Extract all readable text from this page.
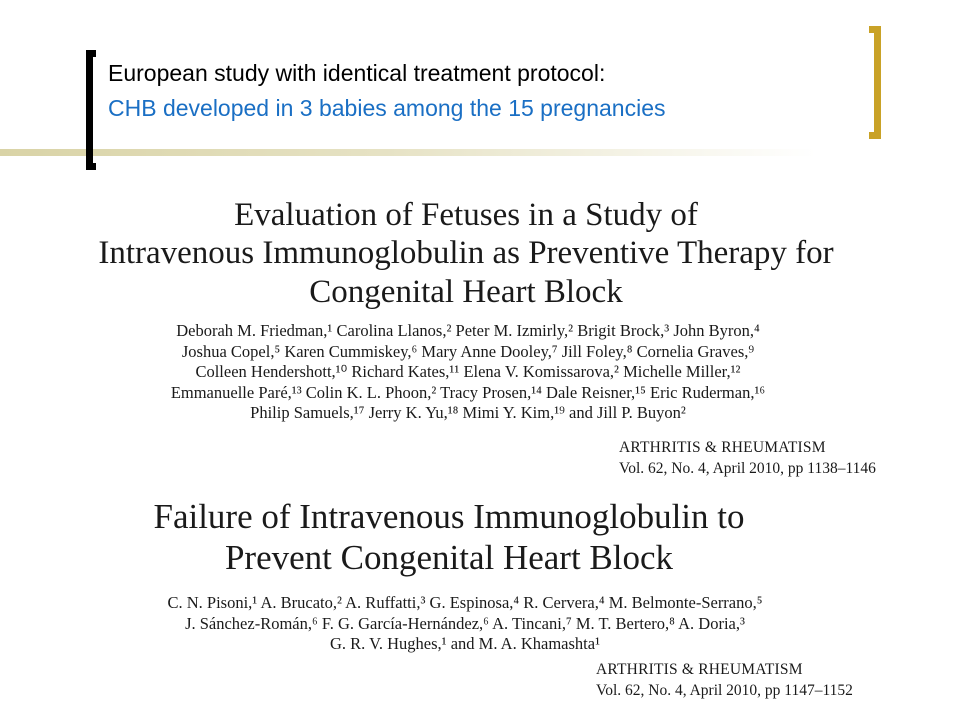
European study with identical treatment protocol:
CHB developed in 3 babies among the 15 pregnancies
Evaluation of Fetuses in a Study of
Intravenous Immunoglobulin as Preventive Therapy for
Congenital Heart Block
Deborah M. Friedman,¹ Carolina Llanos,² Peter M. Izmirly,² Brigit Brock,³ John Byron,⁴
Joshua Copel,⁵ Karen Cummiskey,⁶ Mary Anne Dooley,⁷ Jill Foley,⁸ Cornelia Graves,⁹
Colleen Hendershott,¹⁰ Richard Kates,¹¹ Elena V. Komissarova,² Michelle Miller,¹²
Emmanuelle Paré,¹³ Colin K. L. Phoon,² Tracy Prosen,¹⁴ Dale Reisner,¹⁵ Eric Ruderman,¹⁶
Philip Samuels,¹⁷ Jerry K. Yu,¹⁸ Mimi Y. Kim,¹⁹ and Jill P. Buyon²
ARTHRITIS & RHEUMATISM
Vol. 62, No. 4, April 2010, pp 1138–1146
Failure of Intravenous Immunoglobulin to
Prevent Congenital Heart Block
C. N. Pisoni,¹ A. Brucato,² A. Ruffatti,³ G. Espinosa,⁴ R. Cervera,⁴ M. Belmonte-Serrano,⁵
J. Sánchez-Román,⁶ F. G. García-Hernández,⁶ A. Tincani,⁷ M. T. Bertero,⁸ A. Doria,³
G. R. V. Hughes,¹ and M. A. Khamashta¹
ARTHRITIS & RHEUMATISM
Vol. 62, No. 4, April 2010, pp 1147–1152
